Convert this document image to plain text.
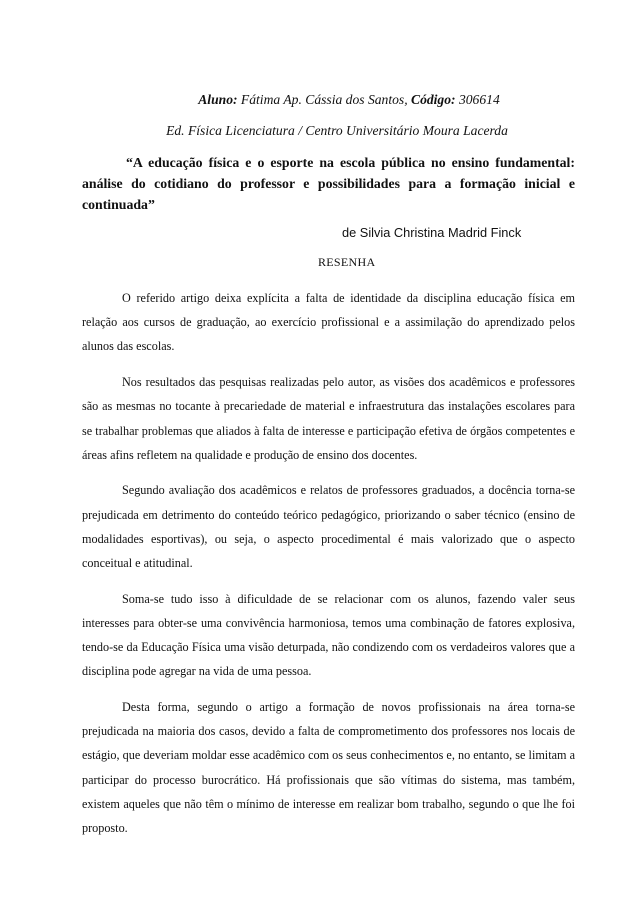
Aluno: Fátima Ap. Cássia dos Santos, Código: 306614
Ed. Física Licenciatura / Centro Universitário Moura Lacerda
“A educação física e o esporte na escola pública no ensino fundamental: análise do cotidiano do professor e possibilidades para a formação inicial e continuada”
de Silvia Christina Madrid Finck
RESENHA

O referido artigo deixa explícita a falta de identidade da disciplina educação física em relação aos cursos de graduação, ao exercício profissional e a assimilação do aprendizado pelos alunos das escolas.

Nos resultados das pesquisas realizadas pelo autor, as visões dos acadêmicos e professores são as mesmas no tocante à precariedade de material e infraestrutura das instalações escolares para se trabalhar problemas que aliados à falta de interesse e participação efetiva de órgãos competentes e áreas afins refletem na qualidade e produção de ensino dos docentes.

Segundo avaliação dos acadêmicos e relatos de professores graduados, a docência torna-se prejudicada em detrimento do conteúdo teórico pedagógico, priorizando o saber técnico (ensino de modalidades esportivas), ou seja, o aspecto procedimental é mais valorizado que o aspecto conceitual e atitudinal.

Soma-se tudo isso à dificuldade de se relacionar com os alunos, fazendo valer seus interesses para obter-se uma convivência harmoniosa, temos uma combinação de fatores explosiva, tendo-se da Educação Física uma visão deturpada, não condizendo com os verdadeiros valores que a disciplina pode agregar na vida de uma pessoa.

Desta forma, segundo o artigo a formação de novos profissionais na área torna-se prejudicada na maioria dos casos, devido a falta de comprometimento dos professores nos locais de estágio, que deveriam moldar esse acadêmico com os seus conhecimentos e, no entanto, se limitam a participar do processo burocrático. Há profissionais que são vítimas do sistema, mas também, existem aqueles que não têm o mínimo de interesse em realizar bom trabalho, segundo o que lhe foi proposto.
